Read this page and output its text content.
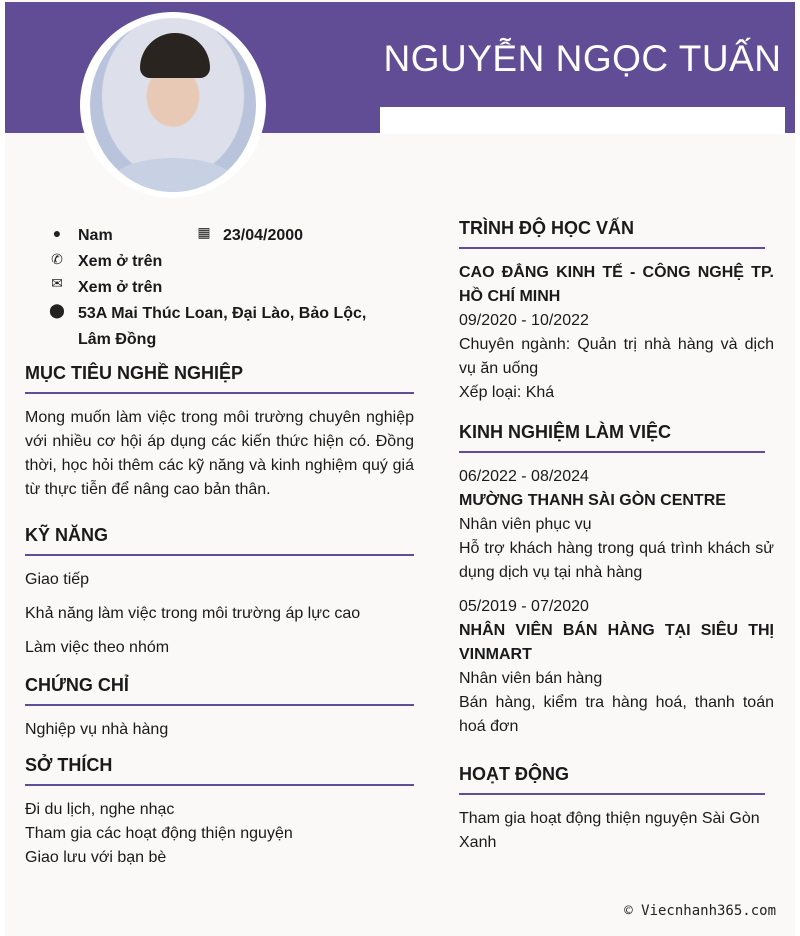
NGUYỄN NGỌC TUẤN
● Nam	▦ 23/04/2000
✆ Xem ở trên
✉ Xem ở trên
⬤ 53A Mai Thúc Loan, Đại Lào, Bảo Lộc, Lâm Đồng
MỤC TIÊU NGHỀ NGHIỆP
Mong muốn làm việc trong môi trường chuyên nghiệp với nhiều cơ hội áp dụng các kiến thức hiện có. Đồng thời, học hỏi thêm các kỹ năng và kinh nghiệm quý giá từ thực tiễn để nâng cao bản thân.
KỸ NĂNG
Giao tiếp
Khả năng làm việc trong môi trường áp lực cao
Làm việc theo nhóm
CHỨNG CHỈ
Nghiệp vụ nhà hàng
SỞ THÍCH
Đi du lịch, nghe nhạc
Tham gia các hoạt động thiện nguyện
Giao lưu với bạn bè
TRÌNH ĐỘ HỌC VẤN
CAO ĐẲNG KINH TẾ - CÔNG NGHỆ TP. HỒ CHÍ MINH
09/2020 - 10/2022
Chuyên ngành: Quản trị nhà hàng và dịch vụ ăn uống
Xếp loại: Khá
KINH NGHIỆM LÀM VIỆC
06/2022 - 08/2024
MƯỜNG THANH SÀI GÒN CENTRE
Nhân viên phục vụ
Hỗ trợ khách hàng trong quá trình khách sử dụng dịch vụ tại nhà hàng
05/2019 - 07/2020
NHÂN VIÊN BÁN HÀNG TẠI SIÊU THỊ VINMART
Nhân viên bán hàng
Bán hàng, kiểm tra hàng hoá, thanh toán hoá đơn
HOẠT ĐỘNG
Tham gia hoạt động thiện nguyện Sài Gòn Xanh
© Viecnhanh365.com
